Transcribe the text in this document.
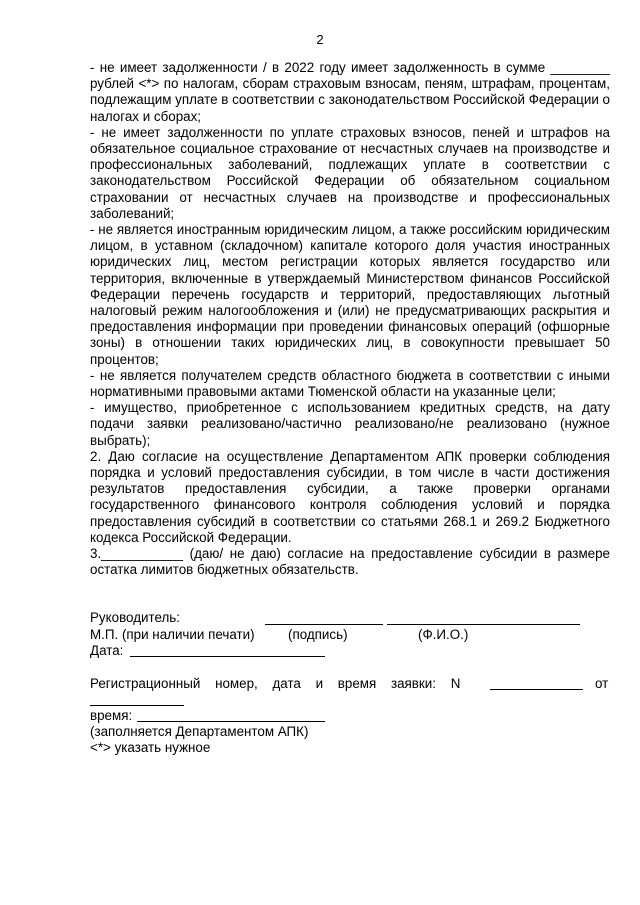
2

- не имеет задолженности / в 2022 году имеет задолженность в сумме ________ рублей <*> по налогам, сборам страховым взносам, пеням, штрафам, процентам, подлежащим уплате в соответствии с законодательством Российской Федерации о налогах и сборах;

- не имеет задолженности по уплате страховых взносов, пеней и штрафов на обязательное социальное страхование от несчастных случаев на производстве и профессиональных заболеваний, подлежащих уплате в соответствии с законодательством Российской Федерации об обязательном социальном страховании от несчастных случаев на производстве и профессиональных заболеваний;

- не является иностранным юридическим лицом, а также российским юридическим лицом, в уставном (складочном) капитале которого доля участия иностранных юридических лиц, местом регистрации которых является государство или территория, включенные в утверждаемый Министерством финансов Российской Федерации перечень государств и территорий, предоставляющих льготный налоговый режим налогообложения и (или) не предусматривающих раскрытия и предоставления информации при проведении финансовых операций (офшорные зоны) в отношении таких юридических лиц, в совокупности превышает 50 процентов;

- не является получателем средств областного бюджета в соответствии с иными нормативными правовыми актами Тюменской области на указанные цели;

- имущество, приобретенное с использованием кредитных средств, на дату подачи заявки реализовано/частично реализовано/не реализовано (нужное выбрать);

2. Даю согласие на осуществление Департаментом АПК проверки соблюдения порядка и условий предоставления субсидии, в том числе в части достижения результатов предоставления субсидии, а также проверки органами государственного финансового контроля соблюдения условий и порядка предоставления субсидий в соответствии со статьями 268.1 и 269.2 Бюджетного кодекса Российской Федерации.

3.___________ (даю/ не даю) согласие на предоставление субсидии в размере остатка лимитов бюджетных обязательств.

Руководитель:
М.П. (при наличии печати) (подпись)	(Ф.И.О.)
Дата:
Регистрационный номер, дата и время заявки: N	от
время:
(заполняется Департаментом АПК)
<*> указать нужное
